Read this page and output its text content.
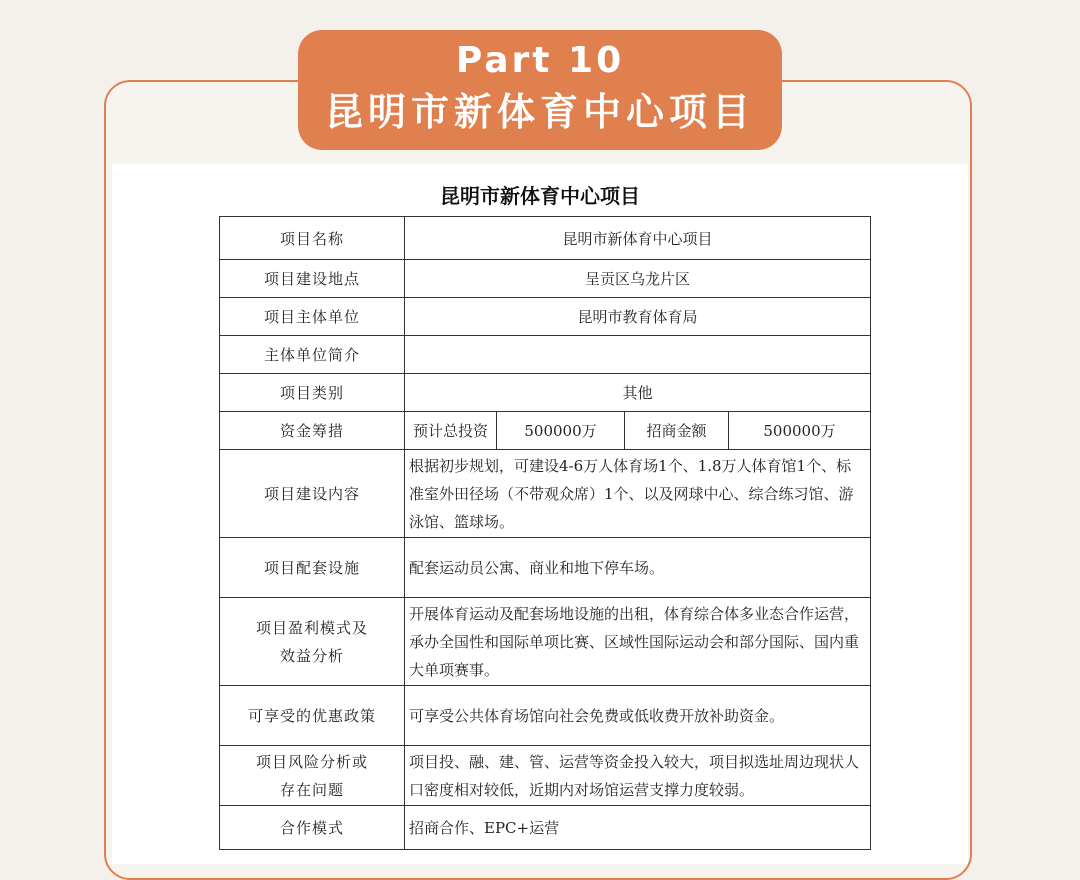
Part 10
昆明市新体育中心项目
昆明市新体育中心项目
项目名称	昆明市新体育中心项目			
项目建设地点	呈贡区乌龙片区			
项目主体单位	昆明市教育体育局			
主体单位简介				
项目类别	其他			
资金筹措	预计总投资	500000万	招商金额	500000万
项目建设内容	根据初步规划，可建设4-6万人体育场1个、1.8万人体育馆1个、标准室外田径场（不带观众席）1个、以及网球中心、综合练习馆、游泳馆、篮球场。			
项目配套设施	配套运动员公寓、商业和地下停车场。			

项目盈利模式及
效益分析	开展体育运动及配套场地设施的出租，体育综合体多业态合作运营，承办全国性和国际单项比赛、区域性国际运动会和部分国际、国内重大单项赛事。			
可享受的优惠政策	可享受公共体育场馆向社会免费或低收费开放补助资金。			

项目风险分析或
存在问题	项目投、融、建、管、运营等资金投入较大，项目拟选址周边现状人口密度相对较低，近期内对场馆运营支撑力度较弱。			
合作模式	招商合作、EPC+运营			
